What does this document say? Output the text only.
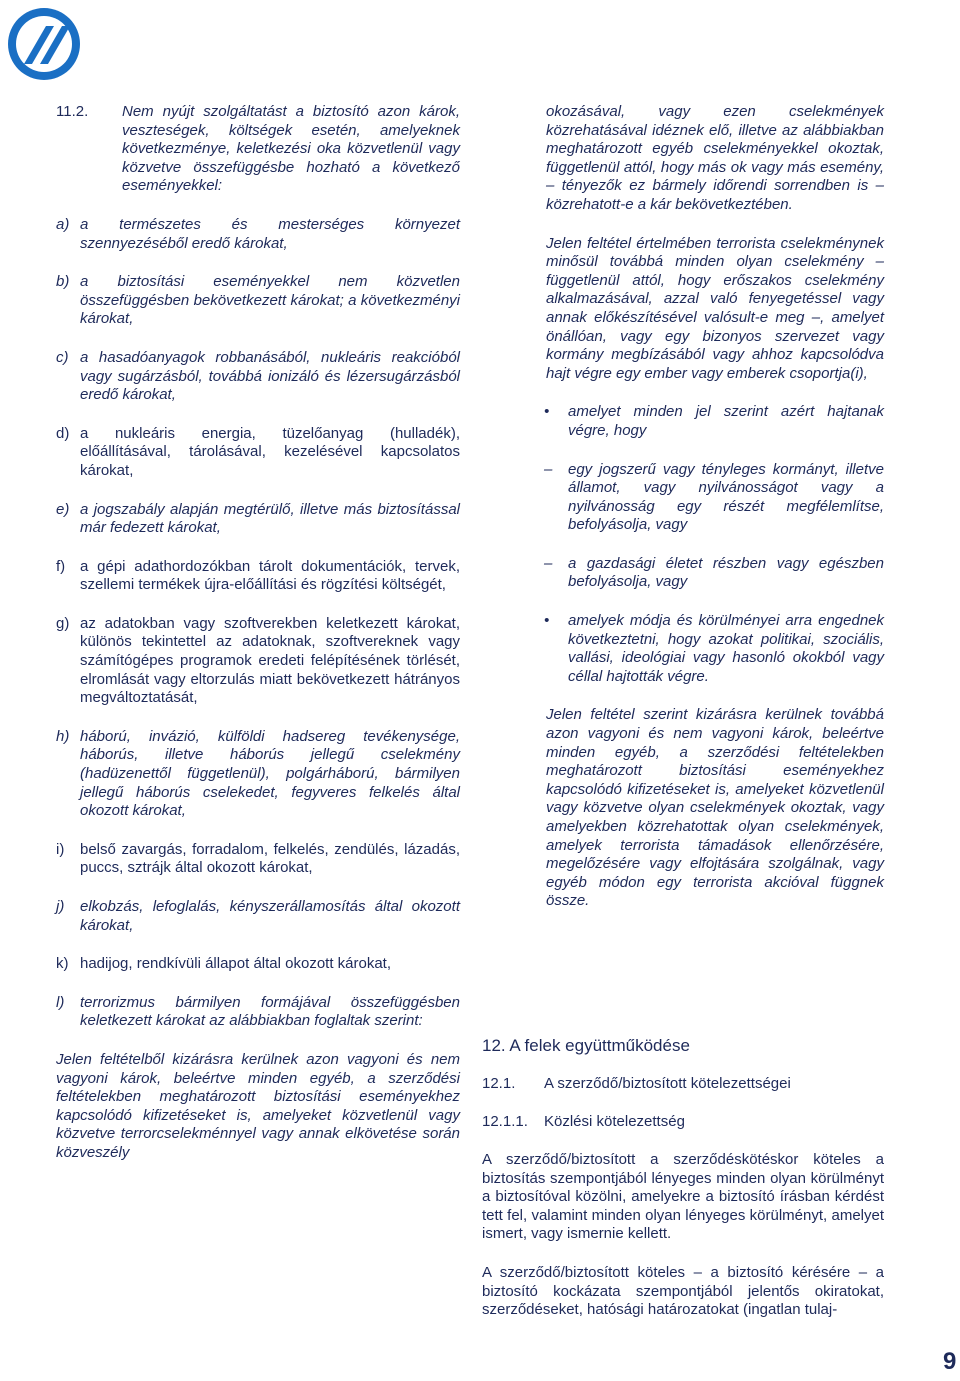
11.2.	Nem nyújt szolgáltatást a biztosító azon károk, veszteségek, költségek esetén, amelyeknek következménye, keletkezési oka közvetlenül vagy közvetve összefüggésbe hozható a következő eseményekkel:
a) a természetes és mesterséges környezet szennyezéséből eredő károkat,
b) a biztosítási eseményekkel nem közvetlen összefüggésben bekövetkezett károkat; a következményi károkat,
c) a hasadóanyagok robbanásából, nukleáris reakcióból vagy sugárzásból, továbbá ionizáló és lézersugárzásból eredő károkat,
d) a nukleáris energia, tüzelőanyag (hulladék), előállításával, tárolásával, kezelésével kapcsolatos károkat,
e) a jogszabály alapján megtérülő, illetve más biztosítással már fedezett károkat,
f) a gépi adathordozókban tárolt dokumentációk, tervek, szellemi termékek újra-előállítási és rögzítési költségét,
g) az adatokban vagy szoftverekben keletkezett károkat, különös tekintettel az adatoknak, szoftvereknek vagy számítógépes programok eredeti felépítésének törlését, elromlását vagy eltorzulás miatt bekövetkezett hátrányos megváltoztatását,
h) háború, invázió, külföldi hadsereg tevékenysége, háborús, illetve háborús jellegű cselekmény (hadüzenettől függetlenül), polgárháború, bármilyen jellegű háborús cselekedet, fegyveres felkelés által okozott károkat,
i)	belső zavargás, forradalom, felkelés, zendülés, lázadás, puccs, sztrájk által okozott károkat,
j)	elkobzás, lefoglalás, kényszerállamosítás által okozott károkat,
k) hadijog, rendkívüli állapot által okozott károkat,
l)	terrorizmus bármilyen formájával összefüggésben keletkezett károkat az alábbiakban foglaltak szerint:

Jelen feltételből kizárásra kerülnek azon vagyoni és nem vagyoni károk, beleértve minden egyéb, a szerződési feltételekben meghatározott biztosítási eseményekhez kapcsolódó kifizetéseket is, amelyeket közvetlenül vagy közvetve terrorcselekménnyel vagy annak elkövetése során közveszély

okozásával, vagy ezen cselekmények közrehatásával idéznek elő, illetve az alábbiakban meghatározott egyéb cselekményekkel okoztak, függetlenül attól, hogy más ok vagy más esemény, – tényezők ez bármely időrendi sorrendben is – közrehatott-e a kár bekövetkeztében.

Jelen feltétel értelmében terrorista cselekménynek minősül továbbá minden olyan cselekmény – függetlenül attól, hogy erőszakos cselekmény alkalmazásával, azzal való fenyegetéssel vagy annak előkészítésével valósult-e meg –, amelyet önállóan, vagy egy bizonyos szervezet vagy kormány megbízásából vagy ahhoz kapcsolódva hajt végre egy ember vagy emberek csoportja(i),

•	amelyet minden jel szerint azért hajtanak végre, hogy
–	egy jogszerű vagy tényleges kormányt, illetve államot, vagy nyilvánosságot vagy a nyilvánosság egy részét megfélemlítse, befolyásolja, vagy
–	a gazdasági életet részben vagy egészben befolyásolja, vagy
•	amelyek módja és körülményei arra engednek következtetni, hogy azokat politikai, szociális, vallási, ideológiai vagy hasonló okokból vagy céllal hajtották végre.

Jelen feltétel szerint kizárásra kerülnek továbbá azon vagyoni és nem vagyoni károk, beleértve minden egyéb, a szerződési feltételekben meghatározott biztosítási eseményekhez kapcsolódó kifizetéseket is, amelyeket közvetlenül vagy közvetve olyan cselekmények okoztak, vagy amelyekben közrehatottak olyan cselekmények, amelyek terrorista támadások ellenőrzésére, megelőzésére vagy elfojtására szolgálnak, vagy egyéb módon egy terrorista akcióval függnek össze.

12. A felek együttműködése
12.1.	A szerződő/biztosított kötelezettségei
12.1.1.	Közlési kötelezettség

A szerződő/biztosított a szerződéskötéskor köteles a biztosítás szempontjából lényeges minden olyan körülményt a biztosítóval közölni, amelyekre a biztosító írásban kérdést tett fel, valamint minden olyan lényeges körülményt, amelyet ismert, vagy ismernie kellett.

A szerződő/biztosított köteles – a biztosító kérésére – a biztosító kockázata szempontjából jelentős okiratokat, szerződéseket, hatósági határozatokat (ingatlan tulaj-

9
